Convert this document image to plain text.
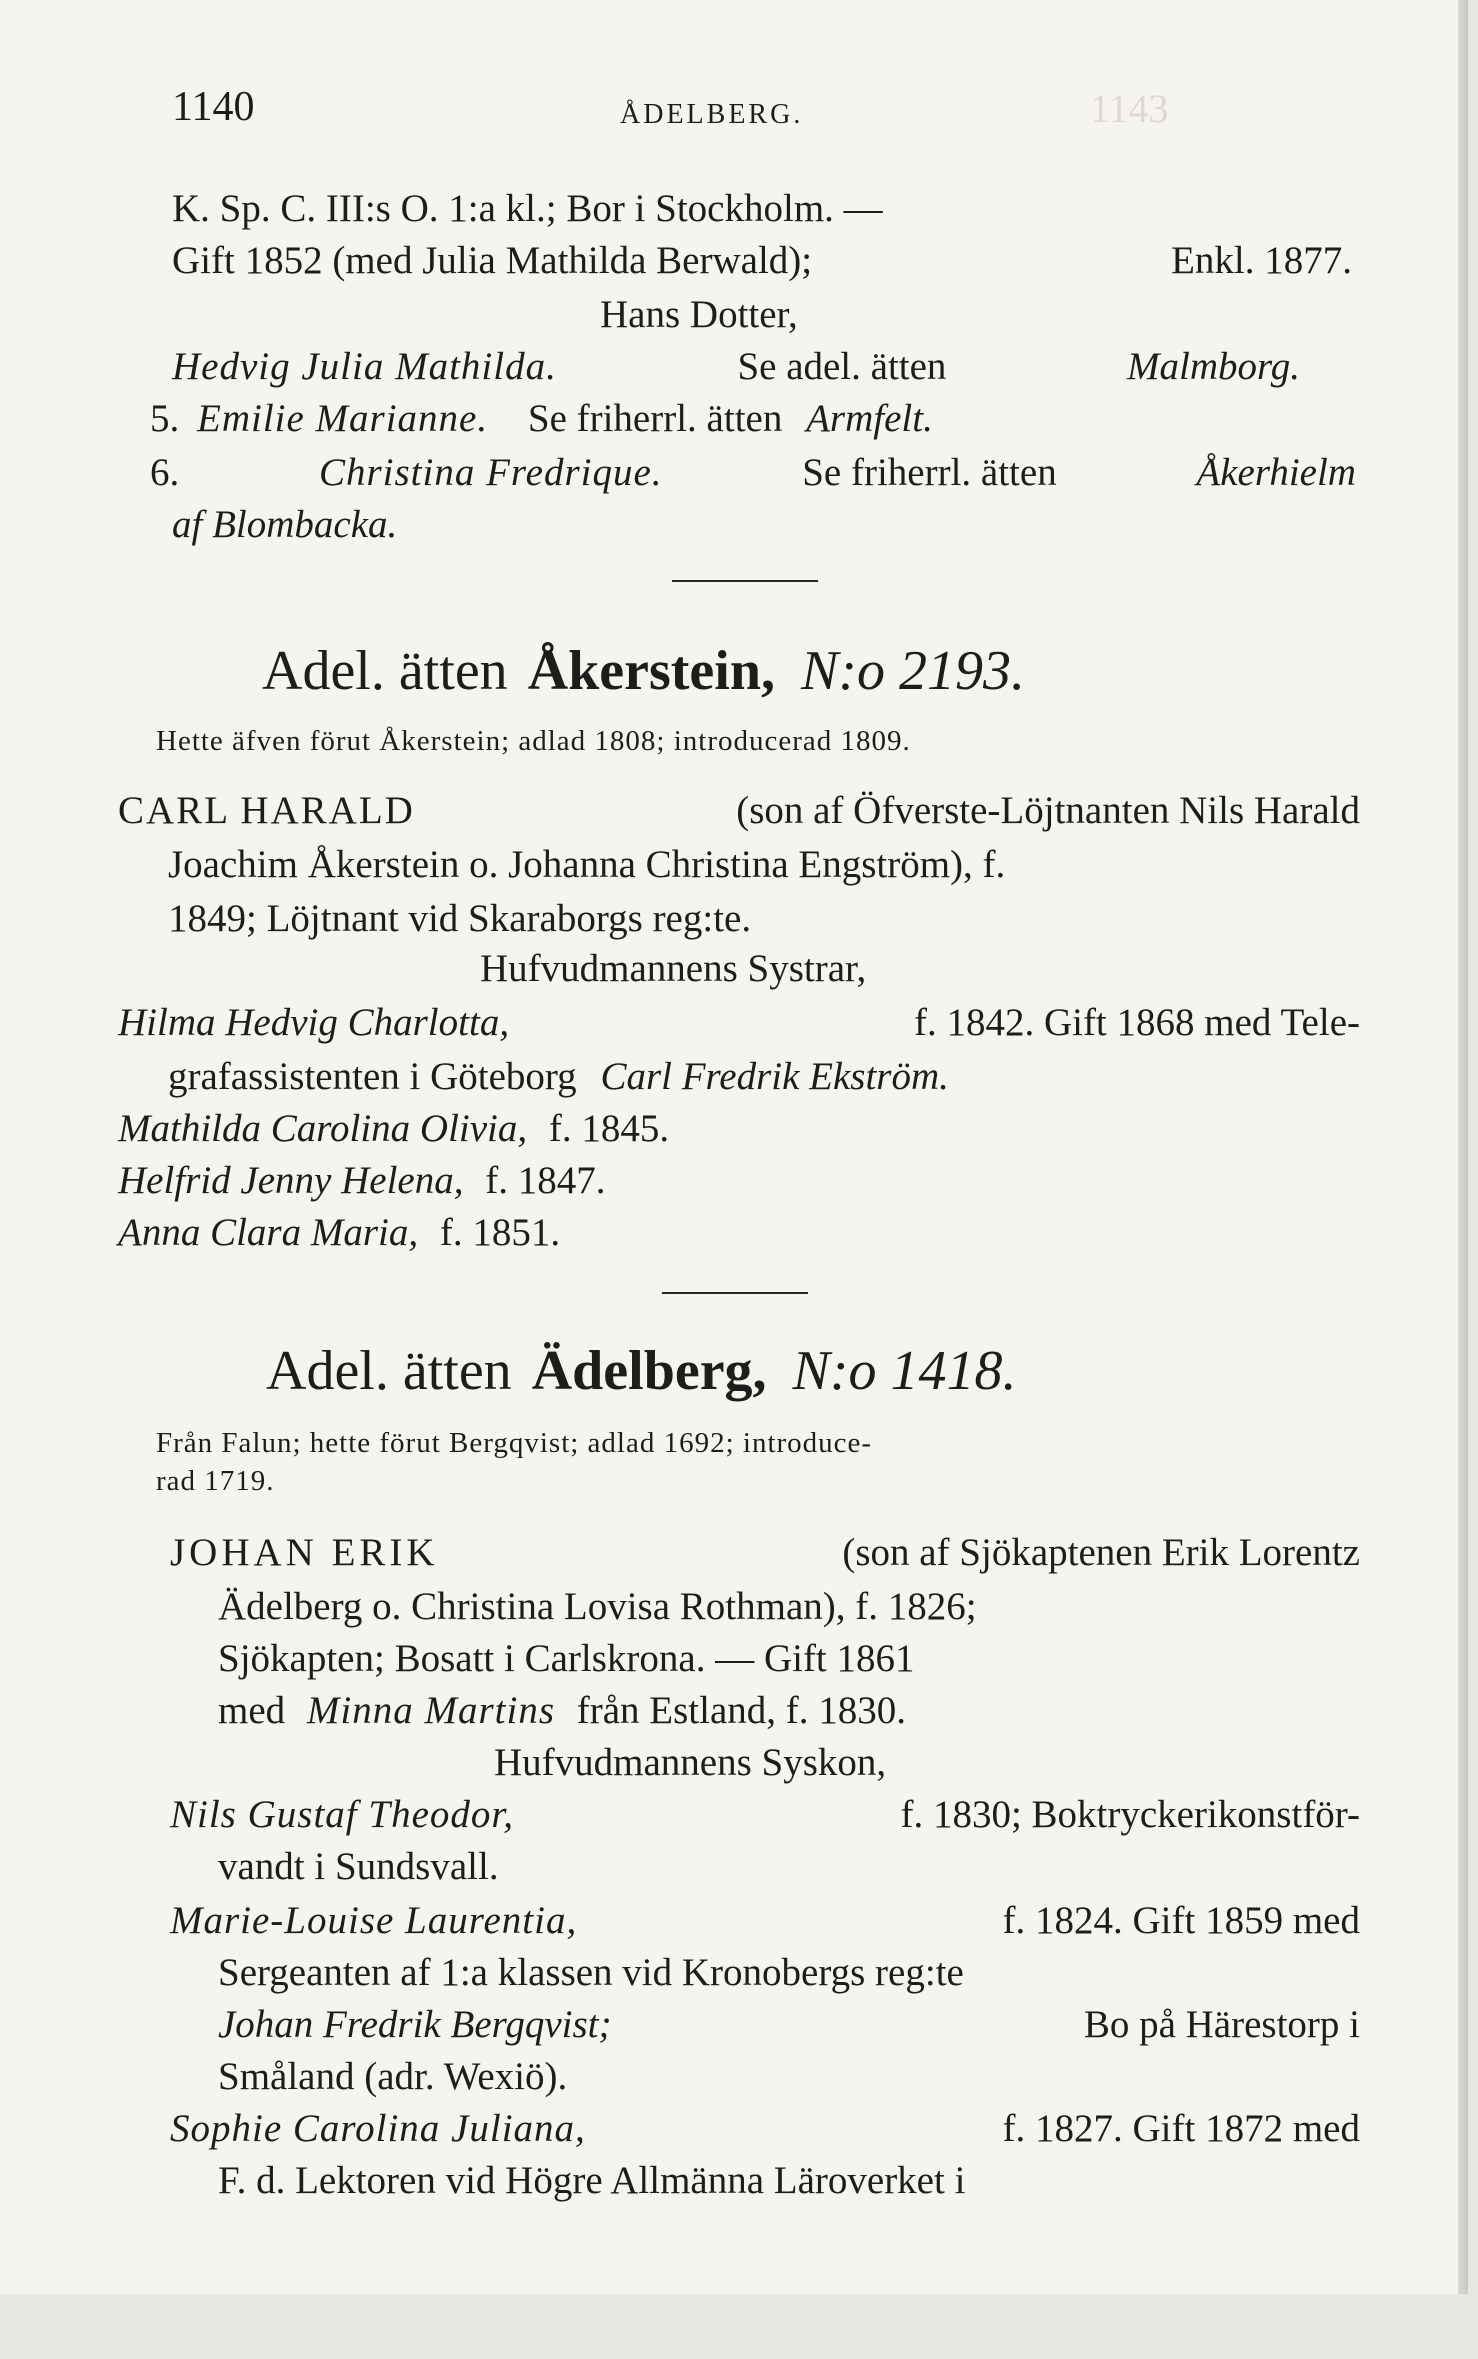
1143
1140	ÅDELBERG.
K. Sp. C. III:s O. 1:a kl.; Bor i Stockholm. —
Gift 1852 (med Julia Mathilda Berwald);	Enkl. 1877.
Hans Dotter,
Hedvig Julia Mathilda.	Se adel. ätten	Malmborg.
5. Emilie Marianne. Se friherrl. ätten Armfelt.
6.	Christina Fredrique.	Se friherrl. ätten	Åkerhielm
af Blombacka.
Adel. ätten Åkerstein, N:o 2193.
Hette äfven förut Åkerstein; adlad 1808; introducerad 1809.
CARL HARALD	(son af Öfverste-Löjtnanten Nils Harald
Joachim Åkerstein o. Johanna Christina Engström), f.
1849; Löjtnant vid Skaraborgs reg:te.
Hufvudmannens Systrar,
Hilma Hedvig Charlotta,	f. 1842. Gift 1868 med Tele-
grafassistenten i Göteborg Carl Fredrik Ekström.
Mathilda Carolina Olivia, f. 1845.
Helfrid Jenny Helena, f. 1847.
Anna Clara Maria, f. 1851.
Adel. ätten Ädelberg, N:o 1418.
Från Falun; hette förut Bergqvist; adlad 1692; introduce-
rad 1719.
JOHAN ERIK	(son af Sjökaptenen Erik Lorentz
Ädelberg o. Christina Lovisa Rothman), f. 1826;
Sjökapten; Bosatt i Carlskrona. — Gift 1861
med Minna Martins från Estland, f. 1830.
Hufvudmannens Syskon,
Nils Gustaf Theodor,	f. 1830; Boktryckerikonstför-
vandt i Sundsvall.
Marie-Louise Laurentia,	f. 1824. Gift 1859 med
Sergeanten af 1:a klassen vid Kronobergs reg:te
Johan Fredrik Bergqvist;	Bo på Härestorp i
Småland (adr. Wexiö).
Sophie Carolina Juliana,	f. 1827. Gift 1872 med
F. d. Lektoren vid Högre Allmänna Läroverket i
